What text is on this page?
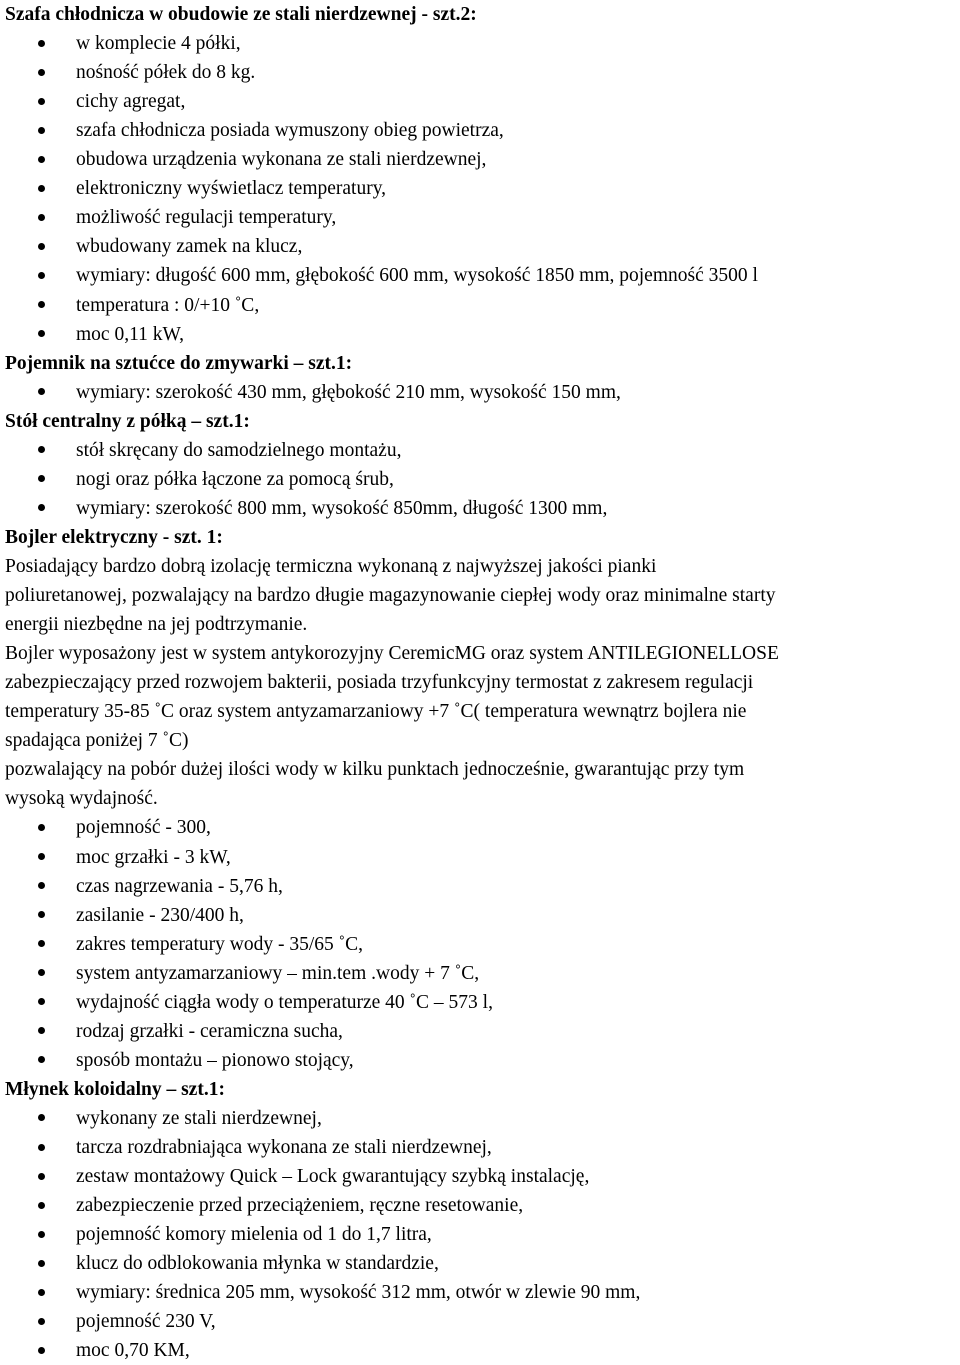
Szafa chłodnicza w obudowie ze stali nierdzewnej - szt.2:
w komplecie 4 półki,
nośność półek do 8 kg.
cichy agregat,
szafa chłodnicza posiada wymuszony obieg powietrza,
obudowa urządzenia wykonana ze stali nierdzewnej,
elektroniczny wyświetlacz temperatury,
możliwość regulacji temperatury,
wbudowany zamek na klucz,
wymiary: długość 600 mm, głębokość 600 mm, wysokość 1850 mm, pojemność 3500 l
temperatura : 0/+10 ˚C,
moc 0,11 kW,
Pojemnik na sztućce do zmywarki – szt.1:
wymiary: szerokość 430 mm, głębokość 210 mm, wysokość 150 mm,
Stół centralny z półką – szt.1:
stół skręcany do samodzielnego montażu,
nogi oraz półka łączone za pomocą śrub,
wymiary: szerokość 800 mm, wysokość 850mm, długość 1300 mm,
Bojler elektryczny - szt. 1:
Posiadający bardzo dobrą izolację termiczna wykonaną z najwyższej jakości pianki
poliuretanowej, pozwalający na bardzo długie magazynowanie ciepłej wody oraz minimalne starty
energii niezbędne na jej podtrzymanie.
Bojler wyposażony jest w system antykorozyjny CeremicMG oraz system ANTILEGIONELLOSE
zabezpieczający przed rozwojem bakterii, posiada trzyfunkcyjny termostat z zakresem regulacji
temperatury 35-85 ˚C oraz system antyzamarzaniowy +7 ˚C( temperatura wewnątrz bojlera nie
spadająca poniżej 7 ˚C)
pozwalający na pobór dużej ilości wody w kilku punktach jednocześnie, gwarantując przy tym
wysoką wydajność.
pojemność - 300,
moc grzałki - 3 kW,
czas nagrzewania - 5,76 h,
zasilanie - 230/400 h,
zakres temperatury wody - 35/65 ˚C,
system antyzamarzaniowy – min.tem .wody + 7 ˚C,
wydajność ciągła wody o temperaturze 40 ˚C – 573 l,
rodzaj grzałki - ceramiczna sucha,
sposób montażu – pionowo stojący,
Młynek koloidalny – szt.1:
wykonany ze stali nierdzewnej,
tarcza rozdrabniająca wykonana ze stali nierdzewnej,
zestaw montażowy Quick – Lock gwarantujący szybką instalację,
zabezpieczenie przed przeciążeniem, ręczne resetowanie,
pojemność komory mielenia od 1 do 1,7 litra,
klucz do odblokowania młynka w standardzie,
wymiary: średnica 205 mm, wysokość 312 mm, otwór w zlewie 90 mm,
pojemność 230 V,
moc 0,70 KM,
